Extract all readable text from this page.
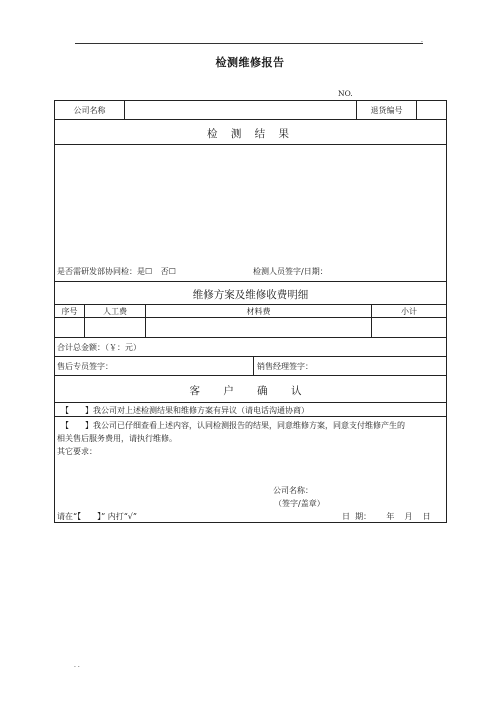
.
检测维修报告
NO.
公司名称	退货编号
检 测 结 果
是否需研发部协同检：是☐ 否☐	检测人员签字/日期：
维修方案及维修收费明细
序号	人工费	材料费	小计
合计总金额：（￥：元）
售后专员签字：	销售经理签字：
客 户 确 认
【　　】我公司对上述检测结果和维修方案有异议（请电话沟通协商）
【　　】我公司已仔细查看上述内容，认同检测报告的结果，同意维修方案，同意支付维修产生的
相关售后服务费用，请执行维修。
其它要求：
公司名称：
（签字/盖章）
请在“【　　】” 内打“√”	日  期：      年    月    日
. .
